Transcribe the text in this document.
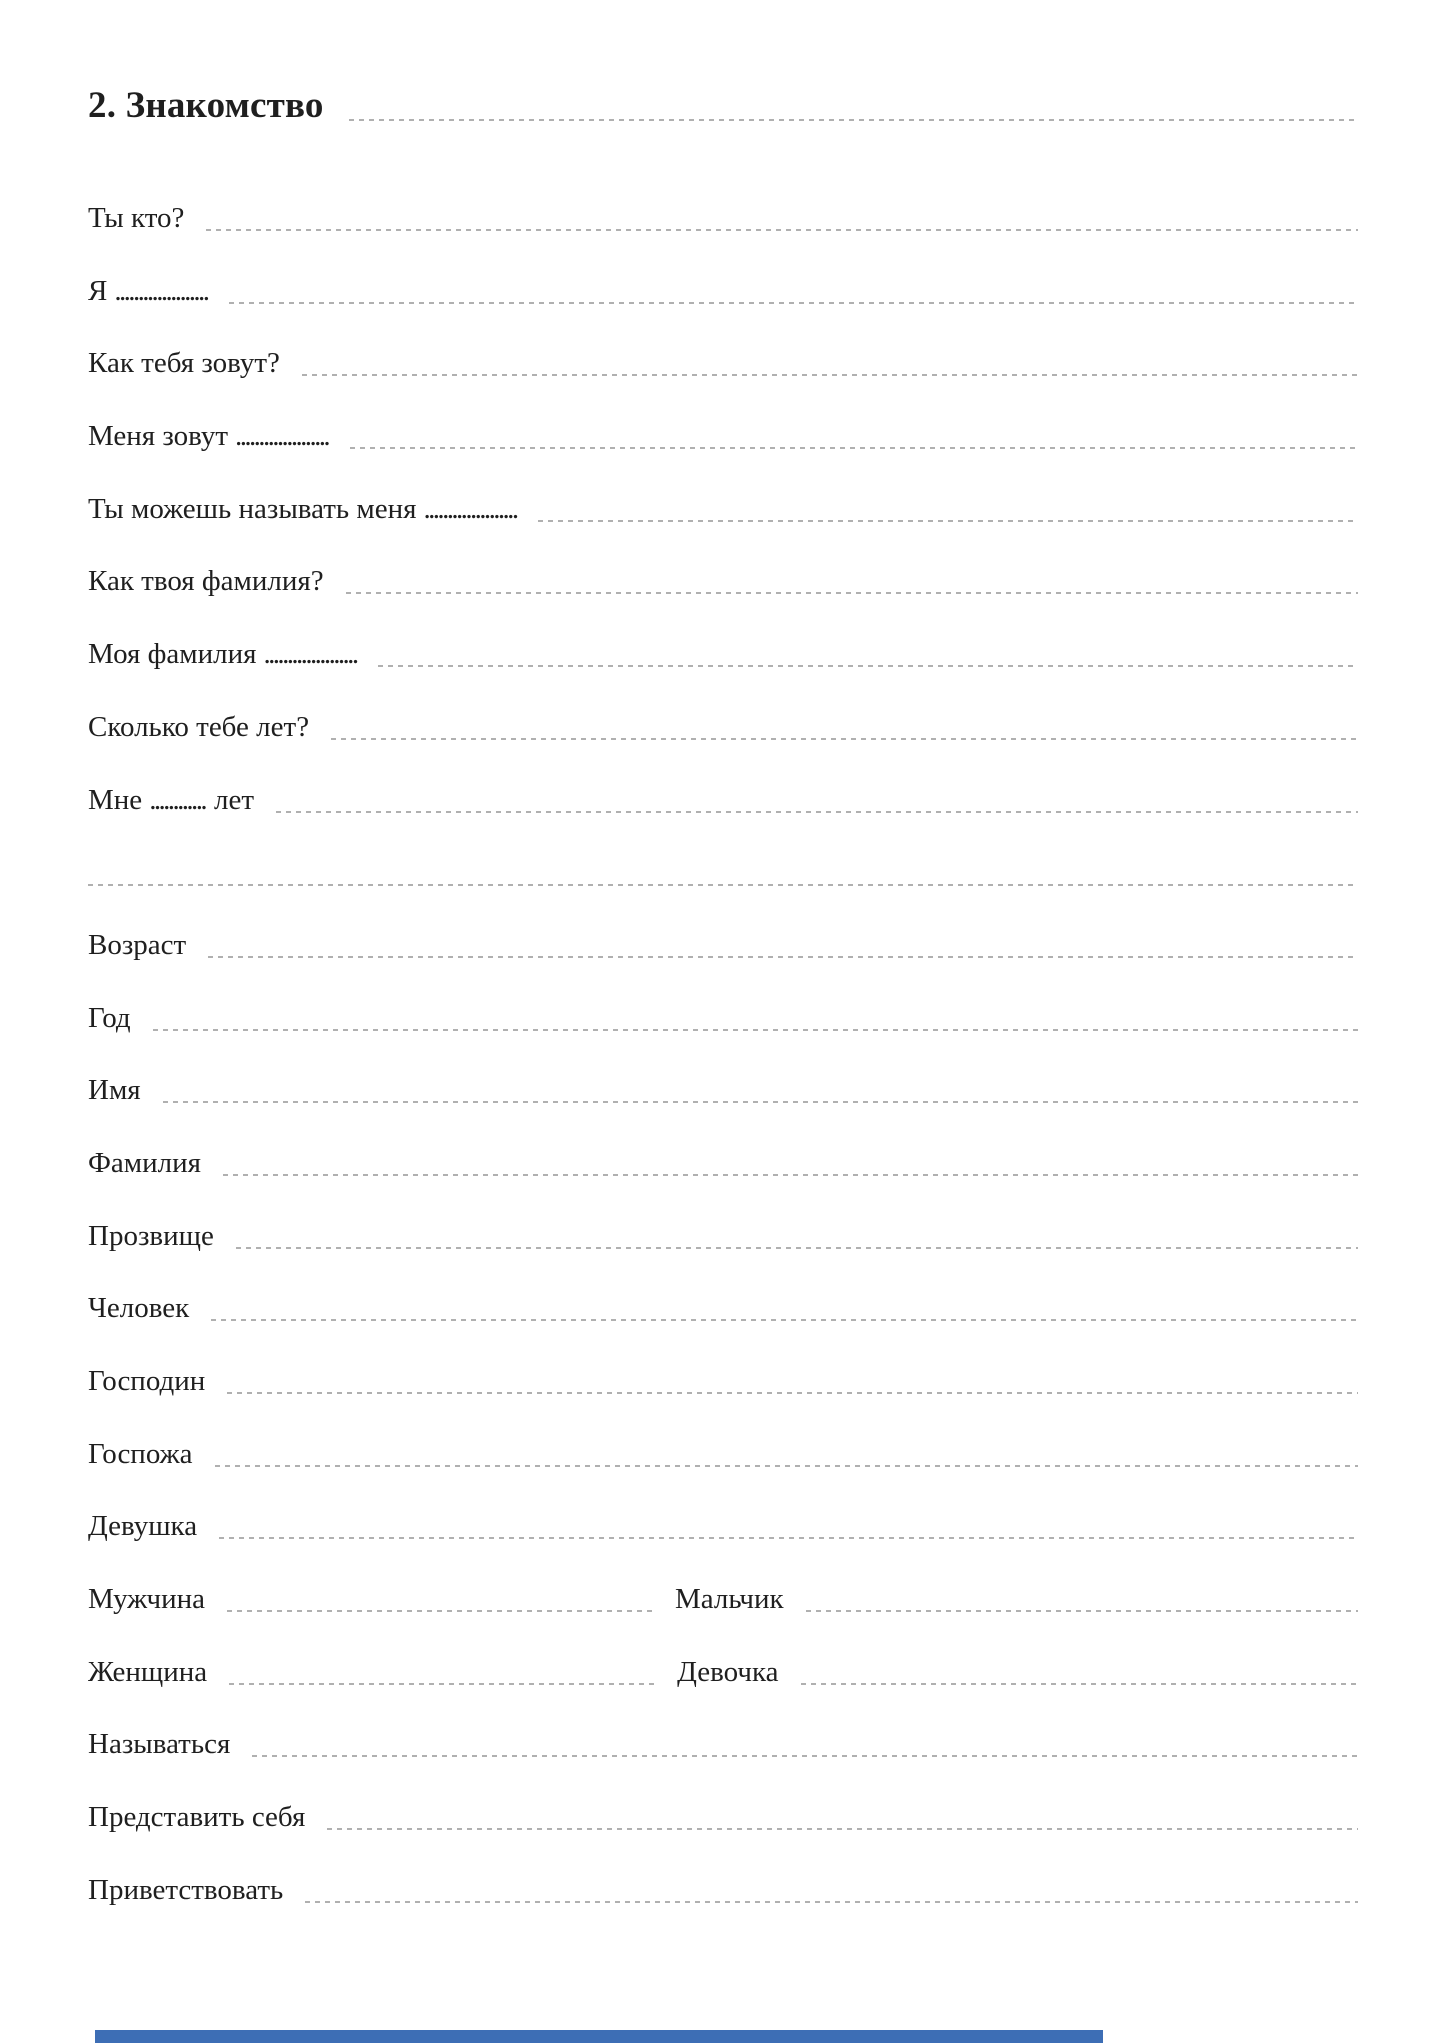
2. Знакомство
Ты кто?
Я ....................
Как тебя зовут?
Меня зовут ....................
Ты можешь называть меня ....................
Как твоя фамилия?
Моя фамилия ....................
Сколько тебе лет?
Мне ............ лет
Возраст
Год
Имя
Фамилия
Прозвище
Человек
Господин
Госпожа
Девушка
Мужчина	Мальчик
Женщина	Девочка
Называться
Представить себя
Приветствовать
